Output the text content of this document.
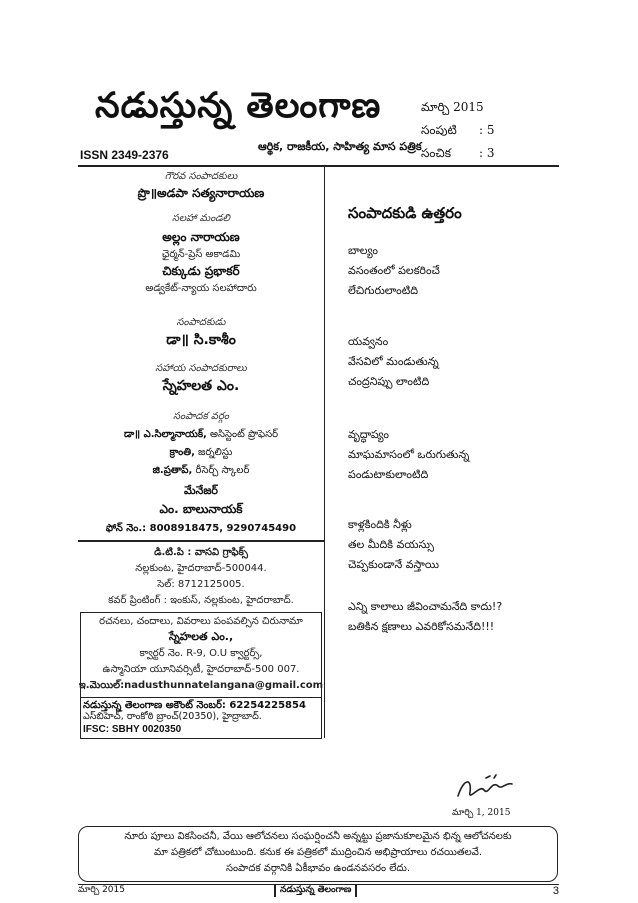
నడుస్తున్న తెలంగాణ
ఆర్థిక, రాజకీయ, సాహిత్య మాస పత్రిక
ISSN 2349-2376
మార్చి 2015
సంపుటి : 5
సంచిక : 3
గౌరవ సంపాదకులు
ప్రొ॥అడపా సత్యనారాయణ
సలహా మండలి
అల్లం నారాయణ
ఛైర్మన్‌-ప్రెస్‌ అకాడమి
చిక్కుడు ప్రభాకర్‌
అడ్వకేట్‌-న్యాయ సలహాదారు
సంపాదకుడు
డా॥ సి.కాశీం
సహాయ సంపాదకురాలు
స్నేహలత ఎం.
సంపాదక వర్గం
డా॥ ఎ.సిల్మానాయక్‌, అసిస్టెంట్‌ ప్రొఫెసర్‌
క్రాంతి, జర్నలిస్టు
జి.ప్రతాప్‌, రీసెర్చ్‌ స్కాలర్‌
మేనేజర్‌
ఎం. బాలునాయక్‌
ఫోన్‌ నెం.: 8008918475, 9290745490
డి.టి.పి : వాసవి గ్రాఫిక్స్‌
నల్లకుంట, హైదరాబాద్‌-500044.
సెల్‌: 8712125005.
కవర్‌ ప్రింటింగ్‌ : ఇంకుస్‌, నల్లకుంట, హైదరాబాద్‌.
రచనలు, చందాలు, వివరాలు పంపవల్సిన చిరునామా
స్నేహలత ఎం.,
క్వార్టర్‌ నెం. R-9, O.U క్వార్టర్స్‌,
ఉస్మానియా యూనివర్సిటీ, హైదరాబాద్‌-500 007.
ఇ.మెయిల్‌:nadusthunnatelangana@gmail.com
నడుస్తున్న తెలంగాణ అకౌంట్‌ నెంబర్‌: 62254225854
ఎస్‌బిహెచ్‌, రాంకోఠి బ్రాంచ్‌(20350), హైద్రాబాద్‌.
IFSC: SBHY 0020350
సంపాదకుడి ఉత్తరం
బాల్యం
వసంతంలో పలకరించే
లేచిగురులాంటిది
యవ్వనం
వేసవిలో మండుతున్న
చంద్రనిప్పు లాంటిది
వృద్ధాప్యం
మాఘమాసంలో ఒరుగుతున్న
పండుటాకులాంటిది
కాళ్లకిందికి నీళ్లు
తల మీదికి వయస్సు
చెప్పకుండానే వస్తాయి
ఎన్ని కాలాలు జీవించామనేది కాదు!?
బతికిన క్షణాలు ఎవరికోసమనేది!!!
మార్చి 1, 2015
నూరు పూలు వికసించనీ, వేయి ఆలోచనలు సంఘర్షించనీ అన్నట్టు ప్రజానుకూలమైన భిన్న ఆలోచనలకు
మా పత్రికలో చోటుంటుంది. కనుక ఈ పత్రికలో ముద్రించిన అభిప్రాయాలు రచయితలవే.
సంపాదక వర్గానికి ఏకీభావం ఉండనవసరం లేదు.
మార్చి 2015	నడుస్తున్న తెలంగాణ	3
